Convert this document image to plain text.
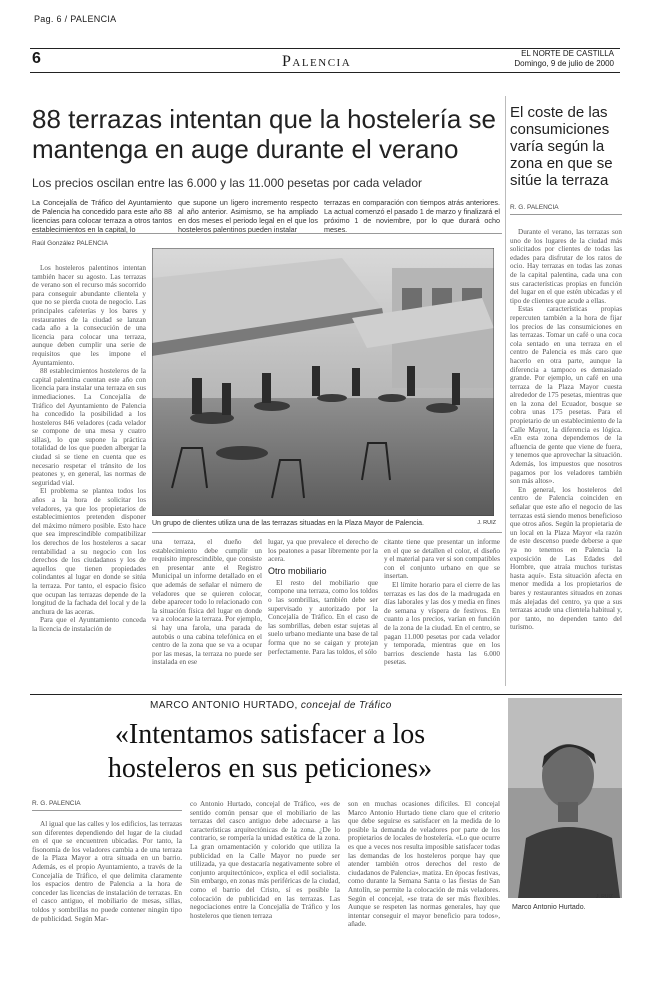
Pag. 6 / PALENCIA
6	Palencia	EL NORTE DE CASTILLA
Domingo, 9 de julio de 2000
88 terrazas intentan que la hostelería se mantenga en auge durante el verano
Los precios oscilan entre las 6.000 y las 11.000 pesetas por cada velador
La Concejalía de Tráfico del Ayuntamiento de Palencia ha concedido para este año 88 licencias para colocar terraza a otros tantos establecimientos en la capital, lo
que supone un ligero incremento respecto al año anterior. Asimismo, se ha ampliado en dos meses el periodo legal en el que los hosteleros palentinos pueden instalar
terrazas en comparación con tiempos atrás anteriores. La actual comenzó el pasado 1 de marzo y finalizará el próximo 1 de noviembre, por lo que durará ocho meses.
Raúl González PALENCIA

Los hosteleros palentinos intentan también hacer su agosto. Las terrazas de verano son el recurso más socorrido para conseguir abundante clientela y que no se pierda cuota de negocio. Las principales cafeterías y los bares y restaurantes de la ciudad se lanzan cada año a la consecución de una licencia para colocar una terraza, aunque deben cumplir una serie de requisitos que les impone el Ayuntamiento.

88 establecimientos hosteleros de la capital palentina cuentan este año con licencia para instalar una terraza en sus inmediaciones. La Concejalía de Tráfico del Ayuntamiento de Palencia ha concedido la posibilidad a los hosteleros 846 veladores (cada velador se compone de una mesa y cuatro sillas), lo que supone la práctica totalidad de los que pueden albergar la ciudad si se tiene en cuenta que es necesario respetar el tránsito de los peatones y, en general, las normas de seguridad vial.

El problema se plantea todos los años a la hora de solicitar los veladores, ya que los propietarios de establecimientos pretenden disponer del máximo número posible. Esto hace que sea imprescindible compatibilizar los derechos de los hosteleros a sacar rentabilidad a su negocio con los derechos de los ciudadanos y los de aquellos que tienen propiedades colindantes al lugar en donde se sitúa la terraza. Por tanto, el espacio físico que ocupan las terrazas depende de la longitud de la fachada del local y de la anchura de las aceras.

Para que el Ayuntamiento conceda la licencia de instalación de

Un grupo de clientes utiliza una de las terrazas situadas en la Plaza Mayor de Palencia.	J. RUIZ

una terraza, el dueño del establecimiento debe cumplir un requisito imprescindible, que consiste en presentar ante el Registro Municipal un informe detallado en el que además de señalar el número de veladores que se quieren colocar, debe aparecer todo lo relacionado con la situación física del lugar en donde va a colocarse la terraza. Por ejemplo, si hay una farola, una parada de autobús o una cabina telefónica en el centro de la zona que se va a ocupar por las mesas, la terraza no puede ser instalada en ese

lugar, ya que prevalece el derecho de los peatones a pasar libremente por la acera.

Otro mobiliario

El resto del mobiliario que compone una terraza, como los toldos o las sombrillas, también debe ser supervisado y autorizado por la Concejalía de Tráfico. En el caso de las sombrillas, deben estar sujetas al suelo urbano mediante una base de tal forma que no se caigan y protejan perfectamente. Para las toldos, el sólo

citante tiene que presentar un informe en el que se detallen el color, el diseño y el material para ver si son compatibles con el conjunto urbano en que se insertan.

El límite horario para el cierre de las terrazas es las dos de la madrugada en días laborales y las dos y media en fines de semana y víspera de festivos. En cuanto a los precios, varían en función de la zona de la ciudad. En el centro, se pagan 11.000 pesetas por cada velador y temporada, mientras que en los barrios desciende hasta las 6.000 pesetas.

El coste de las consumiciones varía según la zona en que se sitúe la terraza
R. G. PALENCIA

Durante el verano, las terrazas son uno de los lugares de la ciudad más solicitados por clientes de todas las edades para disfrutar de los ratos de ocio. Hay terrazas en todas las zonas de la capital palentina, cada una con sus características propias en función del lugar en el que estén ubicadas y el tipo de clientes que acude a ellas.

Estas características propias repercuten también a la hora de fijar los precios de las consumiciones en las terrazas. Tomar un café o una coca cola sentado en una terraza en el centro de Palencia es más caro que hacerlo en otra parte, aunque la diferencia a tampoco es demasiado grande. Por ejemplo, un café en una terraza de la Plaza Mayor cuesta alrededor de 175 pesetas, mientras que en la zona del Ecuador, bosque se cobra unas 175 pesetas. Para el propietario de un establecimiento de la Calle Mayor, la diferencia es lógica. «En esta zona dependemos de la afluencia de gente que viene de fuera, y tenemos que aprovechar la situación. Además, los impuestos que nosotros pagamos por los veladores también son más altos».

En general, los hosteleros del centro de Palencia coinciden en señalar que este año el negocio de las terrazas está siendo menos beneficioso que otros años. Según la propietaria de un local en la Plaza Mayor «la razón de este descenso puede deberse a que ya no tenemos en Palencia la exposición de Las Edades del Hombre, que atraía muchos turistas hasta aquí». Esta situación afecta en menor medida a los propietarios de bares y restaurantes situados en zonas más alejadas del centro, ya que a sus terrazas acude una clientela habitual y, por tanto, no dependen tanto del turismo.

MARCO ANTONIO HURTADO, concejal de Tráfico
«Intentamos satisfacer a los hosteleros en sus peticiones»
R. G. PALENCIA

Al igual que las calles y los edificios, las terrazas son diferentes dependiendo del lugar de la ciudad en el que se encuentren ubicadas. Por tanto, la fisonomía de los veladores cambia a de una terraza de la Plaza Mayor a otra situada en un barrio. Además, es el propio Ayuntamiento, a través de la Concejalía de Tráfico, el que delimita claramente los espacios dentro de Palencia a la hora de conceder las licencias de instalación de terrazas. En el casco antiguo, el mobiliario de mesas, sillas, toldos y sombrillas no puede contener ningún tipo de publicidad. Según Mar-

co Antonio Hurtado, concejal de Tráfico, «es de sentido común pensar que el mobiliario de las terrazas del casco antiguo debe adecuarse a las características arquitectónicas de la zona. ¿De lo contrario, se rompería la unidad estética de la zona. La gran ornamentación y colorido que utiliza la publicidad en la Calle Mayor no puede ser utilizada, ya que destacaría negativamente sobre el conjunto arquitectónico», explica el edil socialista. Sin embargo, en zonas más periféricas de la ciudad, como el barrio del Cristo, sí es posible la colocación de publicidad en las terrazas. Las negociaciones entre la Concejalía de Tráfico y los hosteleros que tienen terraza

son en muchas ocasiones difíciles. El concejal Marco Antonio Hurtado tiene claro que el criterio que debe seguirse es satisfacer en la medida de lo posible la demanda de veladores por parte de los propietarios de locales de hostelería. «Lo que ocurre es que a veces nos resulta imposible satisfacer todas las demandas de los hosteleros porque hay que atender también otros derechos del resto de ciudadanos de Palencia», matiza. En épocas festivas, como durante la Semana Santa o las fiestas de San Antolín, se permite la colocación de más veladores. Según el concejal, «se trata de ser más flexibles. Aunque se respeten las normas generales, hay que intentar conseguir el mayor beneficio para todos», añade.

J. RUIZ
Marco Antonio Hurtado.
